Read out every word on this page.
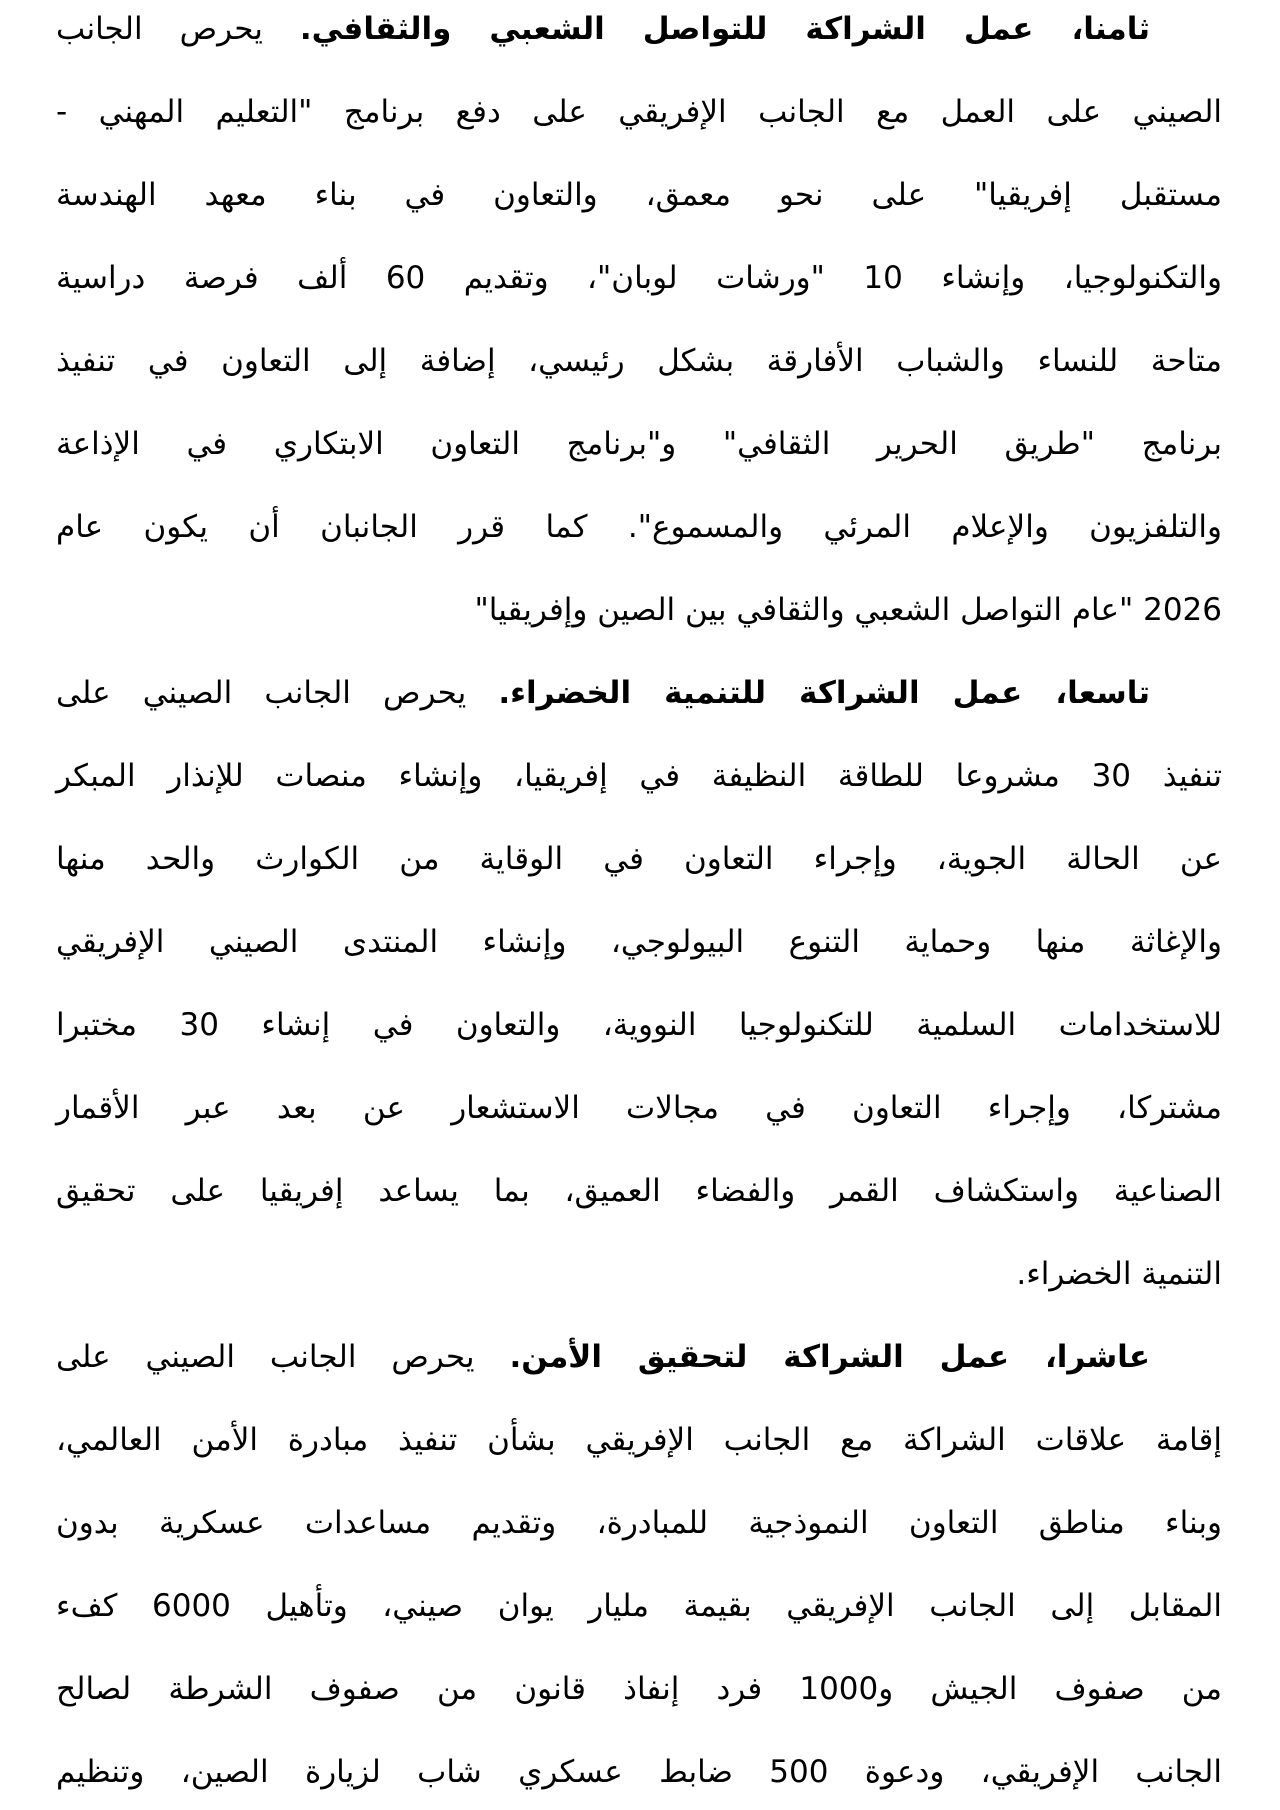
ثامنا، عمل الشراكة للتواصل الشعبي والثقافي. يحرص الجانب
الصيني على العمل مع الجانب الإفريقي على دفع برنامج "التعليم المهني -
مستقبل إفريقيا" على نحو معمق، والتعاون في بناء معهد الهندسة
والتكنولوجيا، وإنشاء 10 "ورشات لوبان"، وتقديم 60 ألف فرصة دراسية
متاحة للنساء والشباب الأفارقة بشكل رئيسي، إضافة إلى التعاون في تنفيذ
برنامج "طريق الحرير الثقافي" و"برنامج التعاون الابتكاري في الإذاعة
والتلفزيون والإعلام المرئي والمسموع". كما قرر الجانبان أن يكون عام
2026 "عام التواصل الشعبي والثقافي بين الصين وإفريقيا"
تاسعا، عمل الشراكة للتنمية الخضراء. يحرص الجانب الصيني على
تنفيذ 30 مشروعا للطاقة النظيفة في إفريقيا، وإنشاء منصات للإنذار المبكر
عن الحالة الجوية، وإجراء التعاون في الوقاية من الكوارث والحد منها
والإغاثة منها وحماية التنوع البيولوجي، وإنشاء المنتدى الصيني الإفريقي
للاستخدامات السلمية للتكنولوجيا النووية، والتعاون في إنشاء 30 مختبرا
مشتركا، وإجراء التعاون في مجالات الاستشعار عن بعد عبر الأقمار
الصناعية واستكشاف القمر والفضاء العميق، بما يساعد إفريقيا على تحقيق
التنمية الخضراء.
عاشرا، عمل الشراكة لتحقيق الأمن. يحرص الجانب الصيني على
إقامة علاقات الشراكة مع الجانب الإفريقي بشأن تنفيذ مبادرة الأمن العالمي،
وبناء مناطق التعاون النموذجية للمبادرة، وتقديم مساعدات عسكرية بدون
المقابل إلى الجانب الإفريقي بقيمة مليار يوان صيني، وتأهيل 6000 كفء
من صفوف الجيش و1000 فرد إنفاذ قانون من صفوف الشرطة لصالح
الجانب الإفريقي، ودعوة 500 ضابط عسكري شاب لزيارة الصين، وتنظيم
